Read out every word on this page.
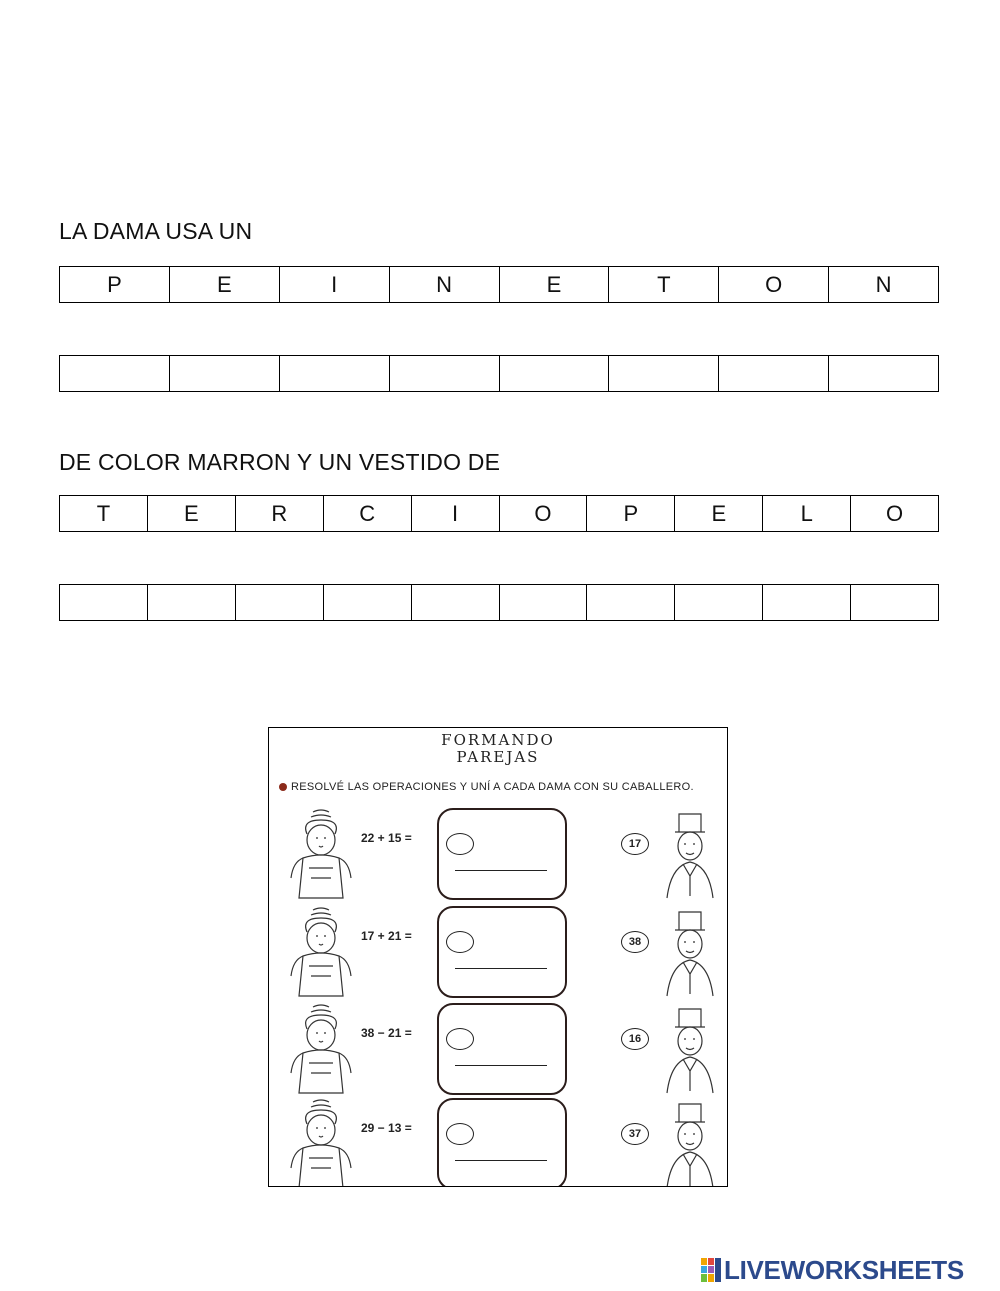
LA DAMA USA UN
P	E	I	N	E	T	O	N
DE COLOR MARRON Y UN VESTIDO DE
T	E	R	C	I	O	P	E	L	O
FORMANDO
PAREJAS
RESOLVÉ LAS OPERACIONES Y UNÍ A CADA DAMA CON SU CABALLERO.
22 + 15 =	17
17 + 21 =	38
38 − 21 =	16
29 − 13 =	37
LIVEWORKSHEETS
